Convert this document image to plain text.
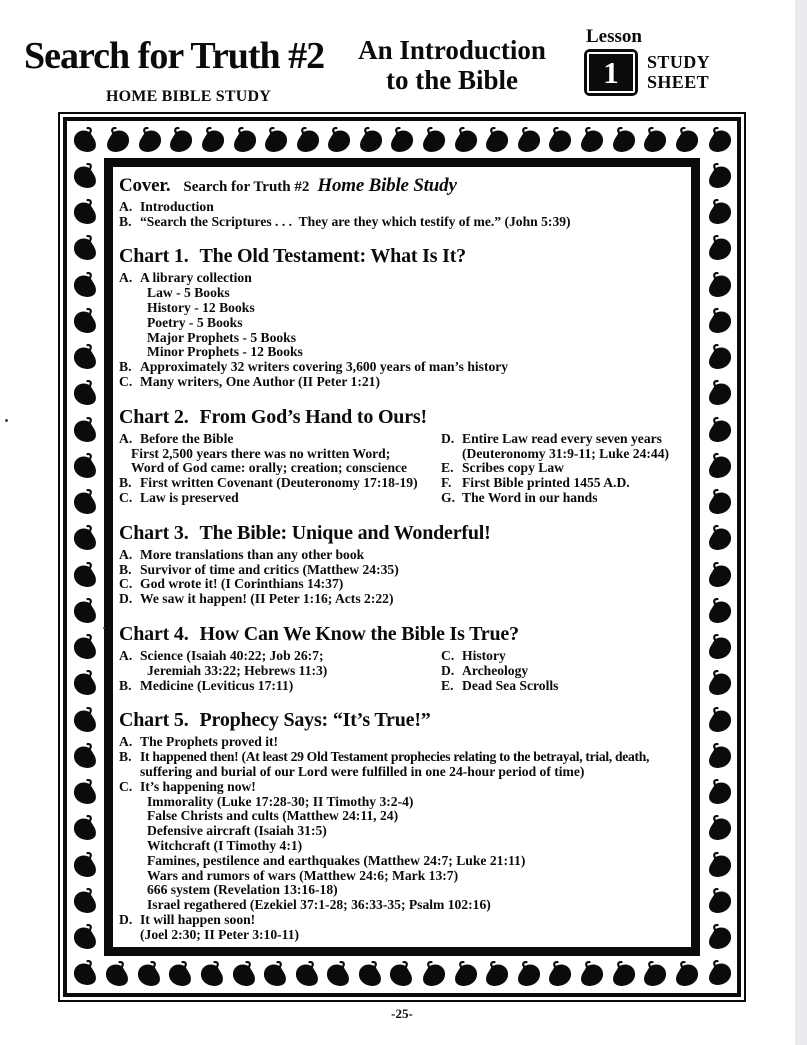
Search for Truth #2
HOME BIBLE STUDY
An Introduction
to the Bible
Lesson
1 STUDY
SHEET
Cover. Search for Truth #2 Home Bible Study
A. Introduction
B. “Search the Scriptures . . .  They are they which testify of me.” (John 5:39)
Chart 1. The Old Testament: What Is It?
A. A library collection
Law - 5 Books
History - 12 Books
Poetry - 5 Books
Major Prophets - 5 Books
Minor Prophets - 12 Books
B. Approximately 32 writers covering 3,600 years of man’s history
C. Many writers, One Author (II Peter 1:21)
Chart 2. From God’s Hand to Ours!
A. Before the Bible
First 2,500 years there was no written Word;
Word of God came: orally; creation; conscience
B. First written Covenant (Deuteronomy 17:18-19)
C. Law is preserved
D. Entire Law read every seven years
(Deuteronomy 31:9-11; Luke 24:44)
E. Scribes copy Law
F. First Bible printed 1455 A.D.
G. The Word in our hands
Chart 3. The Bible: Unique and Wonderful!
A. More translations than any other book
B. Survivor of time and critics (Matthew 24:35)
C. God wrote it! (I Corinthians 14:37)
D. We saw it happen! (II Peter 1:16; Acts 2:22)
Chart 4. How Can We Know the Bible Is True?
A. Science (Isaiah 40:22; Job 26:7;
Jeremiah 33:22; Hebrews 11:3)
B. Medicine (Leviticus 17:11)
C. History
D. Archeology
E. Dead Sea Scrolls
Chart 5. Prophecy Says: “It’s True!”
A. The Prophets proved it!
B. It happened then! (At least 29 Old Testament prophecies relating to the betrayal, trial, death,
suffering and burial of our Lord were fulfilled in one 24-hour period of time)
C. It’s happening now!
Immorality (Luke 17:28-30; II Timothy 3:2-4)
False Christs and cults (Matthew 24:11, 24)
Defensive aircraft (Isaiah 31:5)
Witchcraft (I Timothy 4:1)
Famines, pestilence and earthquakes (Matthew 24:7; Luke 21:11)
Wars and rumors of wars (Matthew 24:6; Mark 13:7)
666 system (Revelation 13:16-18)
Israel regathered (Ezekiel 37:1-28; 36:33-35; Psalm 102:16)
D. It will happen soon!
(Joel 2:30; II Peter 3:10-11)
-25-
